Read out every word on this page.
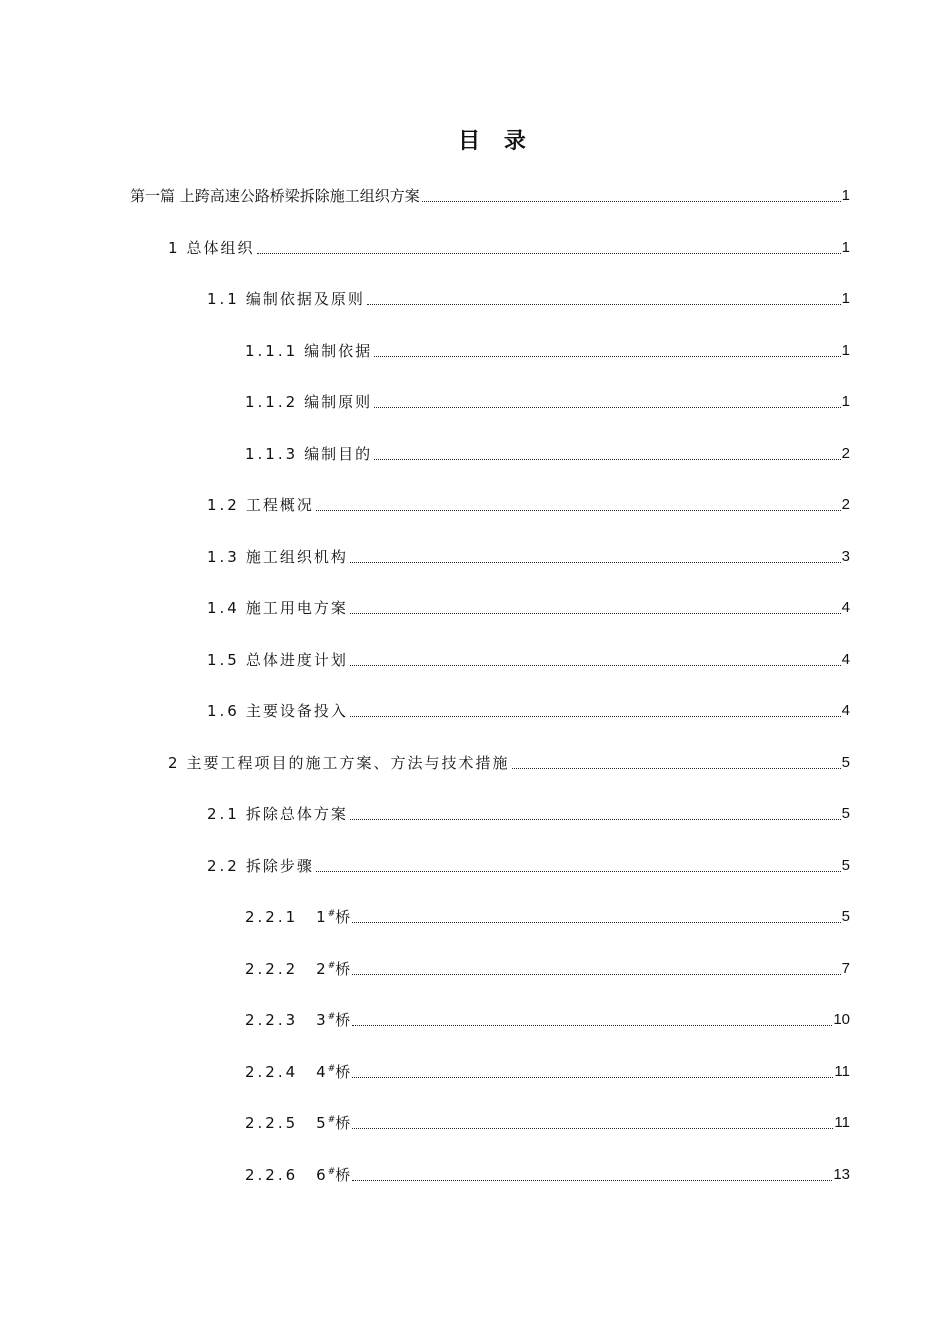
目 录
第一篇 上跨高速公路桥梁拆除施工组织方案	1
1 总体组织	1
1.1 编制依据及原则	1
1.1.1 编制依据	1
1.1.2 编制原则	1
1.1.3 编制目的	2
1.2 工程概况	2
1.3 施工组织机构	3
1.4 施工用电方案	4
1.5 总体进度计划	4
1.6 主要设备投入	4
2 主要工程项目的施工方案、方法与技术措施	5
2.1 拆除总体方案	5
2.2 拆除步骤	5
2.2.1 1#桥	5
2.2.2 2#桥	7
2.2.3 3#桥	10
2.2.4 4#桥	11
2.2.5 5#桥	11
2.2.6 6#桥	13
